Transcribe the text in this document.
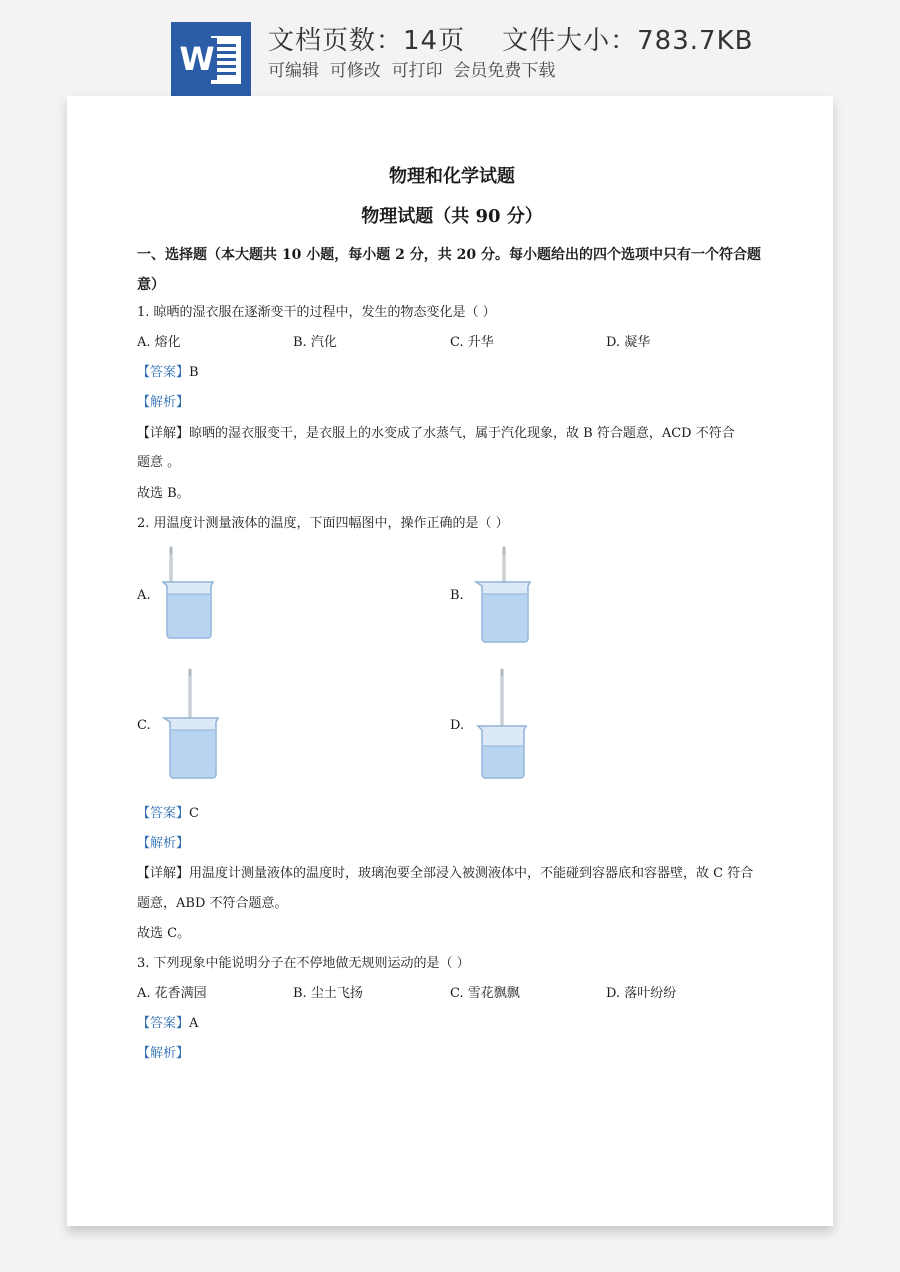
W 文档页数：14页    文件大小：783.7KB
可编辑  可修改  可打印  会员免费下载
物理和化学试题
物理试题（共 90 分）
一、选择题（本大题共 10 小题，每小题 2 分，共 20 分。每小题给出的四个选项中只有一个符合题意）
1. 晾晒的湿衣服在逐渐变干的过程中，发生的物态变化是（ ）
A. 熔化	B. 汽化	C. 升华	D. 凝华
【答案】B
【解析】
【详解】晾晒的湿衣服变干，是衣服上的水变成了水蒸气，属于汽化现象，故 B 符合题意，ACD 不符合
题意 。
故选 B。
2. 用温度计测量液体的温度，下面四幅图中，操作正确的是（ ）
A.	B.
C.	D.
【答案】C
【解析】
【详解】用温度计测量液体的温度时，玻璃泡要全部浸入被测液体中，不能碰到容器底和容器壁，故 C 符合
题意，ABD 不符合题意。
故选 C。
3. 下列现象中能说明分子在不停地做无规则运动的是（ ）
A. 花香满园	B. 尘土飞扬	C. 雪花飘飘	D. 落叶纷纷
【答案】A
【解析】
